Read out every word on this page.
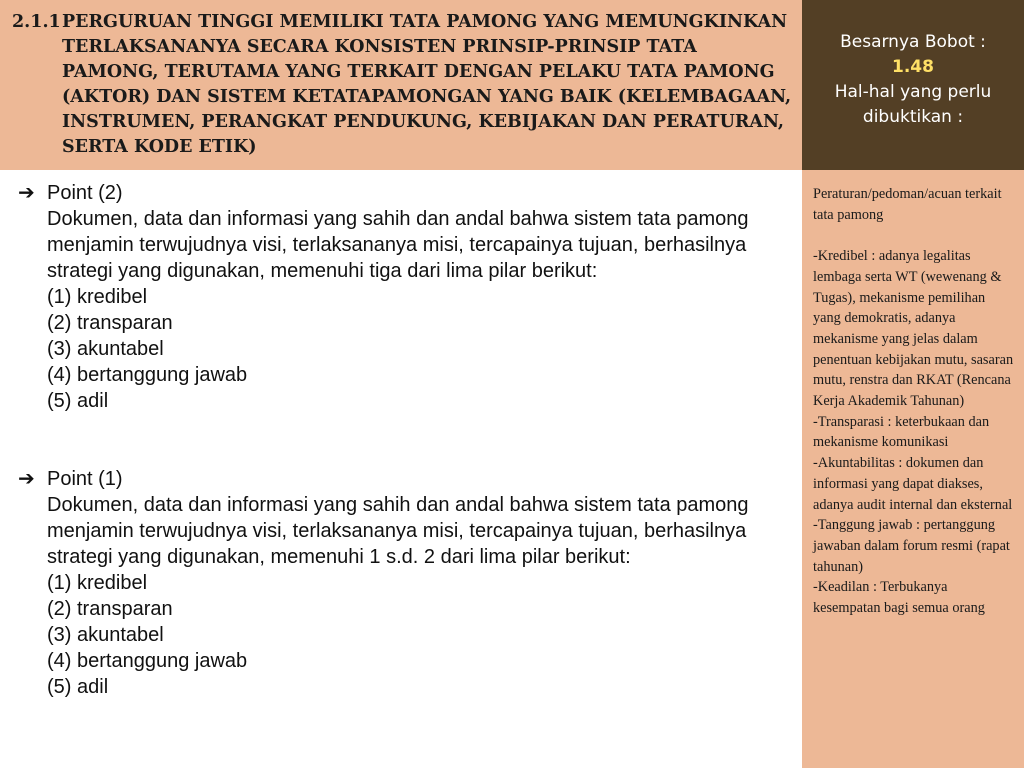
2.1.1 PERGURUAN TINGGI MEMILIKI TATA PAMONG YANG MEMUNGKINKAN TERLAKSANANYA SECARA KONSISTEN PRINSIP-PRINSIP TATA PAMONG, TERUTAMA YANG TERKAIT DENGAN PELAKU TATA PAMONG (AKTOR) DAN SISTEM KETATAPAMONGAN YANG BAIK (KELEMBAGAAN, INSTRUMEN, PERANGKAT PENDUKUNG, KEBIJAKAN DAN PERATURAN, SERTA KODE ETIK)
Besarnya Bobot :
1.48
Hal-hal yang perlu dibuktikan :
➔ Point (2)
Dokumen, data dan informasi yang sahih dan andal bahwa sistem tata pamong menjamin terwujudnya visi, terlaksananya misi, tercapainya tujuan, berhasilnya strategi yang digunakan, memenuhi tiga dari lima pilar berikut:
(1) kredibel
(2) transparan
(3) akuntabel
(4) bertanggung jawab
(5) adil
➔ Point (1)
Dokumen, data dan informasi yang sahih dan andal bahwa sistem tata pamong menjamin terwujudnya visi, terlaksananya misi, tercapainya tujuan, berhasilnya strategi yang digunakan, memenuhi 1 s.d. 2 dari lima pilar berikut:
(1) kredibel
(2) transparan
(3) akuntabel
(4) bertanggung jawab
(5) adil

Peraturan/pedoman/acuan terkait tata pamong

-Kredibel : adanya legalitas lembaga serta WT (wewenang & Tugas), mekanisme pemilihan yang demokratis, adanya mekanisme yang jelas dalam penentuan kebijakan mutu, sasaran mutu, renstra dan RKAT (Rencana Kerja Akademik Tahunan)

-Transparasi : keterbukaan dan mekanisme komunikasi

-Akuntabilitas : dokumen dan informasi yang dapat diakses, adanya audit internal dan eksternal

-Tanggung jawab : pertanggung jawaban dalam forum resmi (rapat tahunan)

-Keadilan : Terbukanya kesempatan bagi semua orang
